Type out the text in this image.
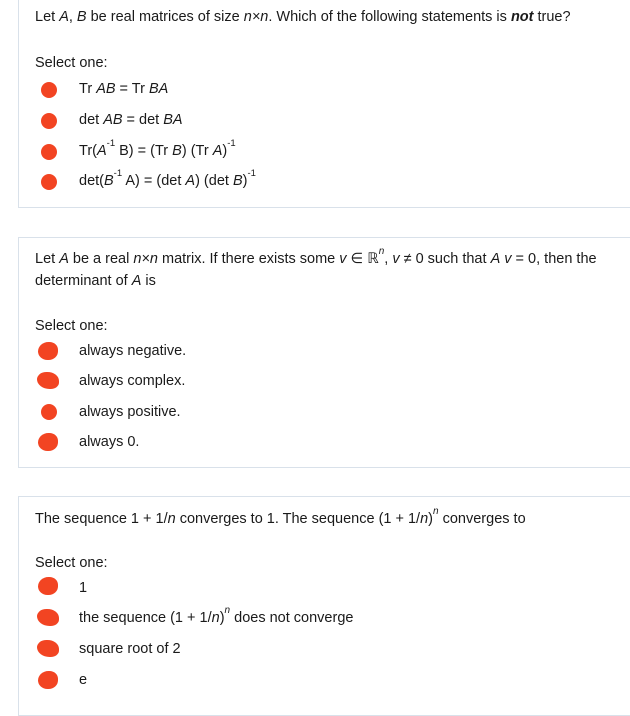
Let A, B be real matrices of size n×n. Which of the following statements is not true?
Select one:
Tr AB = Tr BA
det AB = det BA
$Tr(A^{-1}$ B) = (Tr B) (Tr A)$^{-1}$
$\det(B^{-1}$ A) = (det A) (det B)$^{-1}$
Let A be a real n×n matrix. If there exists some v ∈ ℝ$^n$, v ≠ 0 such that A v = 0, then the determinant of A is
Select one:
always negative.
always complex.
always positive.
always 0.
The sequence 1 + 1/n converges to 1. The sequence $(1 + 1/n)^n$ converges to
Select one:
1
the sequence $(1 + 1/n)^n$ does not converge
square root of 2
e
